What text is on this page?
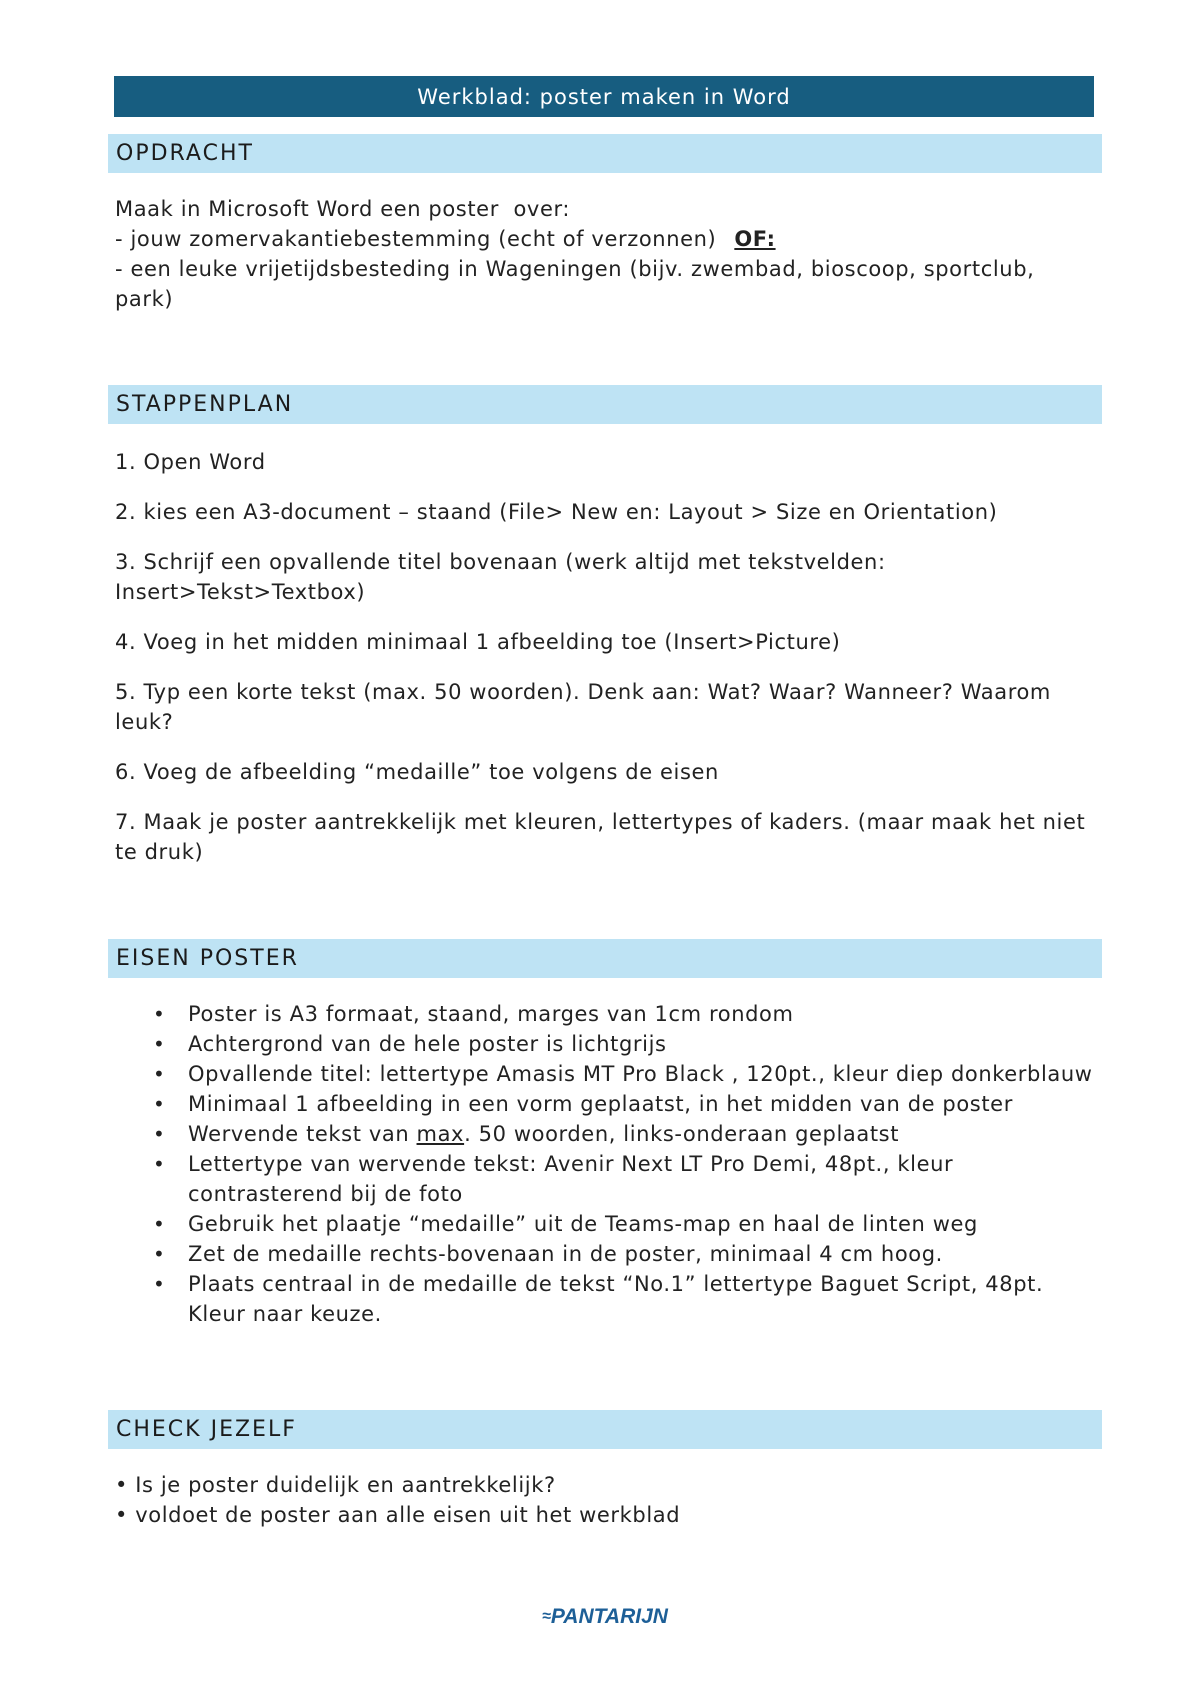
Werkblad: poster maken in Word
OPDRACHT
Maak in Microsoft Word een poster  over:
- jouw zomervakantiebestemming (echt of verzonnen) OF:
- een leuke vrijetijdsbesteding in Wageningen (bijv. zwembad, bioscoop, sportclub,
park)
STAPPENPLAN
1. Open Word
2. kies een A3-document – staand (File> New en: Layout > Size en Orientation)
3. Schrijf een opvallende titel bovenaan (werk altijd met tekstvelden: Insert>Tekst>Textbox)
4. Voeg in het midden minimaal 1 afbeelding toe (Insert>Picture)
5. Typ een korte tekst (max. 50 woorden). Denk aan: Wat? Waar? Wanneer? Waarom leuk?
6. Voeg de afbeelding “medaille” toe volgens de eisen
7. Maak je poster aantrekkelijk met kleuren, lettertypes of kaders. (maar maak het niet te druk)
EISEN POSTER
• Poster is A3 formaat, staand, marges van 1cm rondom
• Achtergrond van de hele poster is lichtgrijs
• Opvallende titel: lettertype Amasis MT Pro Black , 120pt., kleur diep donkerblauw
• Minimaal 1 afbeelding in een vorm geplaatst, in het midden van de poster
• Wervende tekst van max. 50 woorden, links-onderaan geplaatst
• Lettertype van wervende tekst: Avenir Next LT Pro Demi, 48pt., kleur contrasterend bij de foto
• Gebruik het plaatje “medaille” uit de Teams-map en haal de linten weg
• Zet de medaille rechts-bovenaan in de poster, minimaal 4 cm hoog.
• Plaats centraal in de medaille de tekst “No.1” lettertype Baguet Script, 48pt. Kleur naar keuze.
CHECK JEZELF
• Is je poster duidelijk en aantrekkelijk?
• voldoet de poster aan alle eisen uit het werkblad
≈ PANTARIJN
